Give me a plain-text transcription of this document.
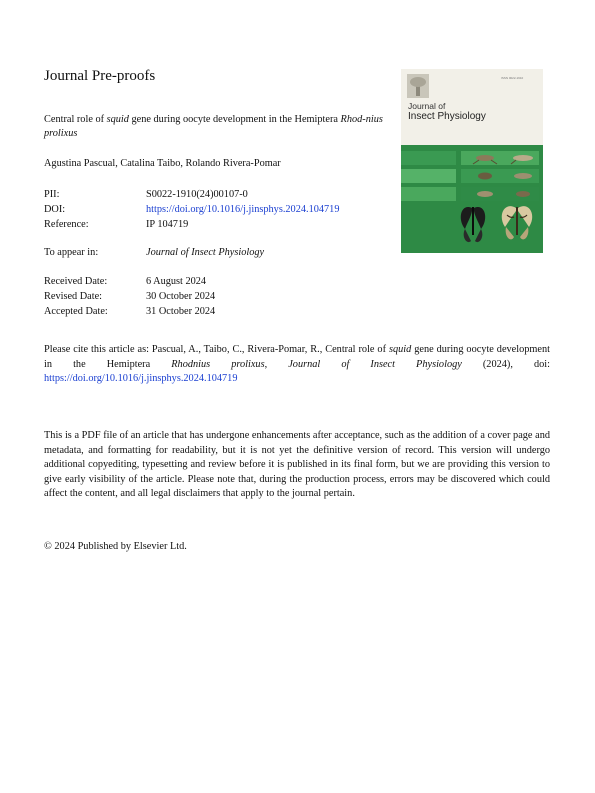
Journal Pre-proofs
Central role of squid gene during oocyte development in the Hemiptera Rhod-nius prolixus
Agustina Pascual, Catalina Taibo, Rolando Rivera-Pomar
PII:	S0022-1910(24)00107-0
DOI:	https://doi.org/10.1016/j.jinsphys.2024.104719
Reference:	IP 104719
To appear in:	Journal of Insect Physiology
Received Date:	6 August 2024
Revised Date:	30 October 2024
Accepted Date:	31 October 2024
Please cite this article as: Pascual, A., Taibo, C., Rivera-Pomar, R., Central role of squid gene during oocyte development in the Hemiptera Rhodnius prolixus, Journal of Insect Physiology (2024), doi: https://doi.org/10.1016/j.jinsphys.2024.104719
This is a PDF file of an article that has undergone enhancements after acceptance, such as the addition of a cover page and metadata, and formatting for readability, but it is not yet the definitive version of record. This version will undergo additional copyediting, typesetting and review before it is published in its final form, but we are providing this version to give early visibility of the article. Please note that, during the production process, errors may be discovered which could affect the content, and all legal disclaimers that apply to the journal pertain.
© 2024 Published by Elsevier Ltd.
ISSN 0022-1910
Journal of
Insect Physiology
